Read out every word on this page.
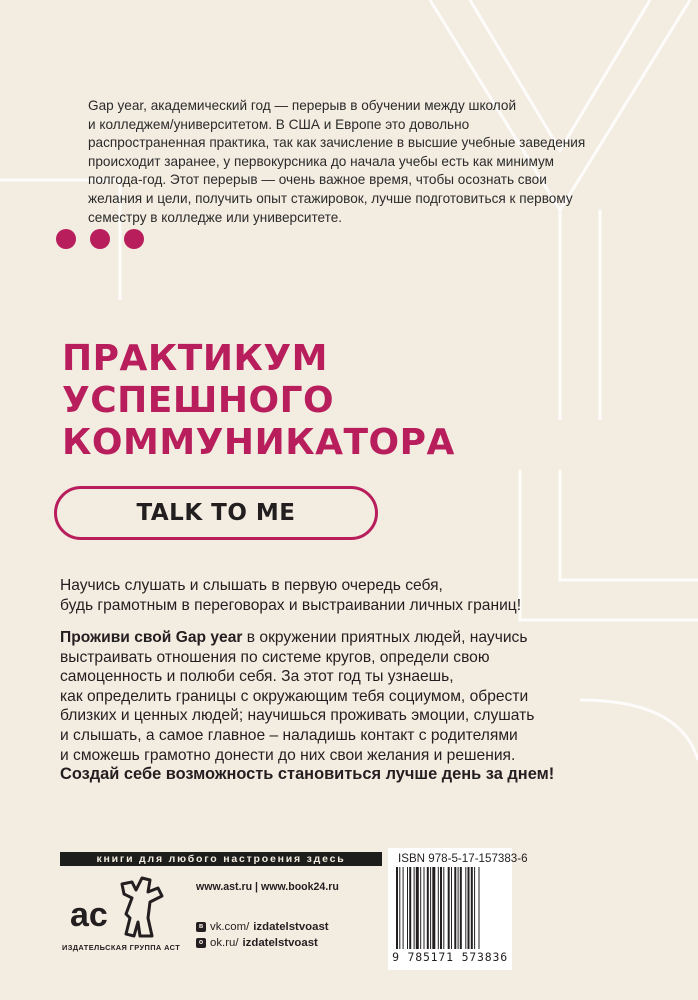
Gap year, академический год — перерыв в обучении между школой
и колледжем/университетом. В США и Европе это довольно
распространенная практика, так как зачисление в высшие учебные заведения
происходит заранее, у первокурсника до начала учебы есть как минимум
полгода-год. Этот перерыв — очень важное время, чтобы осознать свои
желания и цели, получить опыт стажировок, лучше подготовиться к первому
семестру в колледже или университете.
ПРАКТИКУМ
УСПЕШНОГО
КОММУНИКАТОРА
TALK TO ME
Научись слушать и слышать в первую очередь себя,
будь грамотным в переговорах и выстраивании личных границ!
Проживи свой Gap year в окружении приятных людей, научись
выстраивать отношения по системе кругов, определи свою
самоценность и полюби себя. За этот год ты узнаешь,
как определить границы с окружающим тебя социумом, обрести
близких и ценных людей; научишься проживать эмоции, слушать
и слышать, а самое главное – наладишь контакт с родителями
и сможешь грамотно донести до них свои желания и решения.
Создай себе возможность становиться лучше день за днем!
книги для любого настроения здесь
ac
ИЗДАТЕЛЬСКАЯ ГРУППА АСТ
www.ast.ru | www.book24.ru
в vk.com/ izdatelstvoast
о ok.ru/ izdatelstvoast
ISBN 978-5-17-157383-6
9 785171 573836
